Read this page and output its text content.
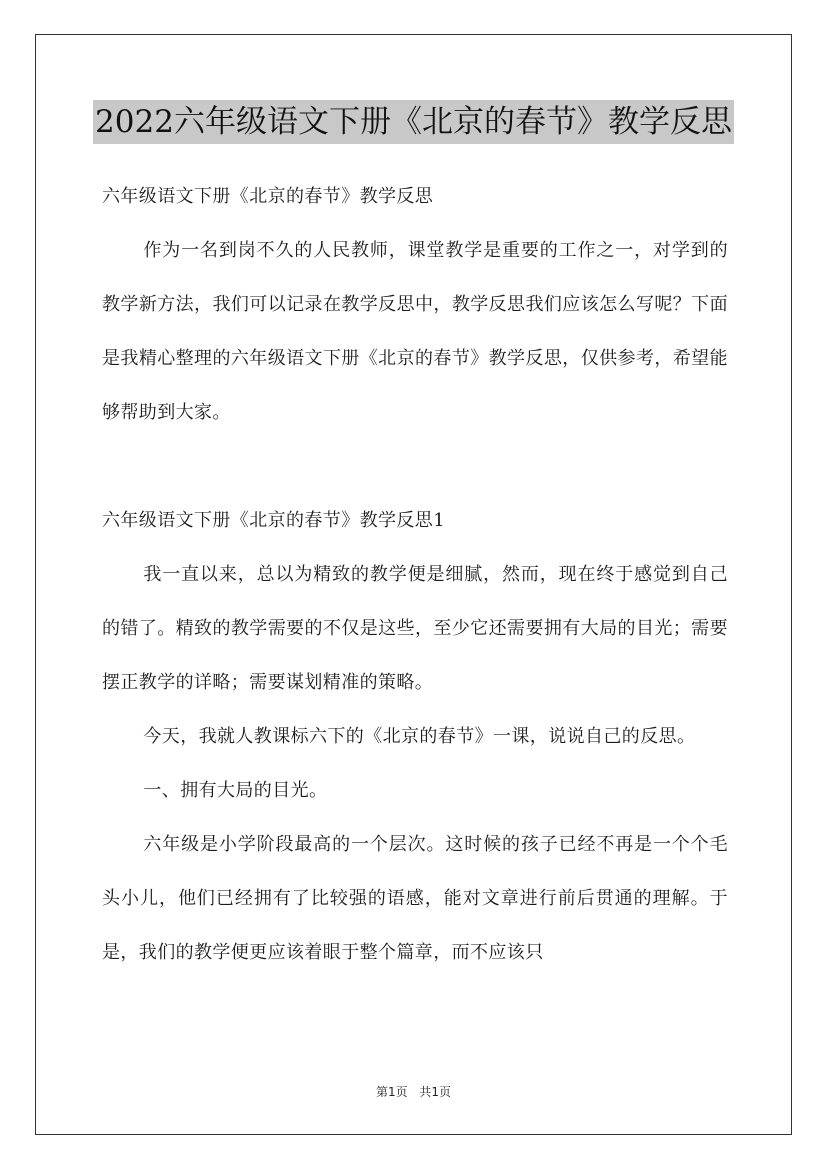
2022六年级语文下册《北京的春节》教学反思

六年级语文下册《北京的春节》教学反思

作为一名到岗不久的人民教师，课堂教学是重要的工作之一，对学到的教学新方法，我们可以记录在教学反思中，教学反思我们应该怎么写呢？下面是我精心整理的六年级语文下册《北京的春节》教学反思，仅供参考，希望能够帮助到大家。

六年级语文下册《北京的春节》教学反思1

我一直以来，总以为精致的教学便是细腻，然而，现在终于感觉到自己的错了。精致的教学需要的不仅是这些，至少它还需要拥有大局的目光；需要摆正教学的详略；需要谋划精准的策略。

今天，我就人教课标六下的《北京的春节》一课，说说自己的反思。

一、拥有大局的目光。

六年级是小学阶段最高的一个层次。这时候的孩子已经不再是一个个毛头小儿，他们已经拥有了比较强的语感，能对文章进行前后贯通的理解。于是，我们的教学便更应该着眼于整个篇章，而不应该只

第1页 共1页
